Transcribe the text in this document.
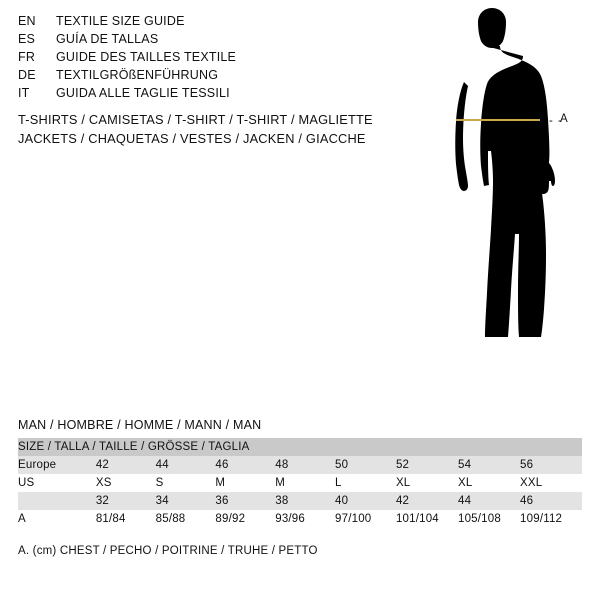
EN	TEXTILE SIZE GUIDE
ES	GUÍA DE TALLAS
FR	GUIDE DES TAILLES TEXTILE
DE	TEXTILGRÖßENFÜHRUNG
IT	GUIDA ALLE TAGLIE TESSILI
T-SHIRTS / CAMISETAS / T-SHIRT / T-SHIRT / MAGLIETTE
JACKETS / CHAQUETAS / VESTES / JACKEN / GIACCHE
- - -
A
MAN / HOMBRE / HOMME / MANN / MAN
SIZE / TALLA / TAILLE / GRÖSSE / TAGLIA								
Europe	42	44	46	48	50	52	54	56
US	XS	S	M	M	L	XL	XL	XXL
	32	34	36	38	40	42	44	46
A	81/84	85/88	89/92	93/96	97/100	101/104	105/108	109/112
A. (cm) CHEST / PECHO / POITRINE / TRUHE / PETTO
